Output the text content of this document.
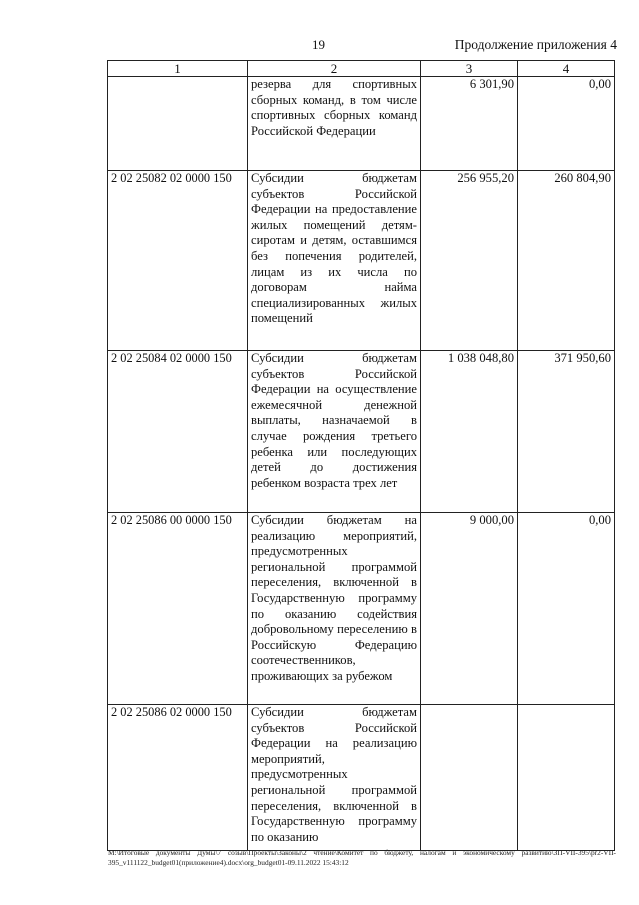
19	Продолжение приложения 4
1	2	3	4
	резерва для спортивных сборных команд, в том числе спортивных сборных команд Российской Федерации	6 301,90	0,00
2 02 25082 02 0000 150	Субсидии бюджетам субъектов Российской Федерации на предоставление жилых помещений детям-сиротам и детям, оставшимся без попечения родителей, лицам из их числа по договорам найма специализированных жилых помещений	256 955,20	260 804,90
2 02 25084 02 0000 150	Субсидии бюджетам субъектов Российской Федерации на осуществление ежемесячной денежной выплаты, назначаемой в случае рождения третьего ребенка или последующих детей до достижения ребенком возраста трех лет	1 038 048,80	371 950,60
2 02 25086 00 0000 150	Субсидии бюджетам на реализацию мероприятий, предусмотренных региональной программой переселения, включенной в Государственную программу по оказанию содействия добровольному переселению в Российскую Федерацию соотечественников, проживающих за рубежом	9 000,00	0,00
2 02 25086 02 0000 150	Субсидии бюджетам субъектов Российской Федерации на реализацию мероприятий, предусмотренных региональной программой переселения, включенной в Государственную программу по оказанию		
М:\Итоговые документы Думы\7 созыв\Проекты\Законы\2 чтение\Комитет по бюджету, налогам и экономическому развитию\ЗП-VII-395\pr2-VII-395_v111122_budget01(приложение4).docx\org_budget01-09.11.2022 15:43:12
